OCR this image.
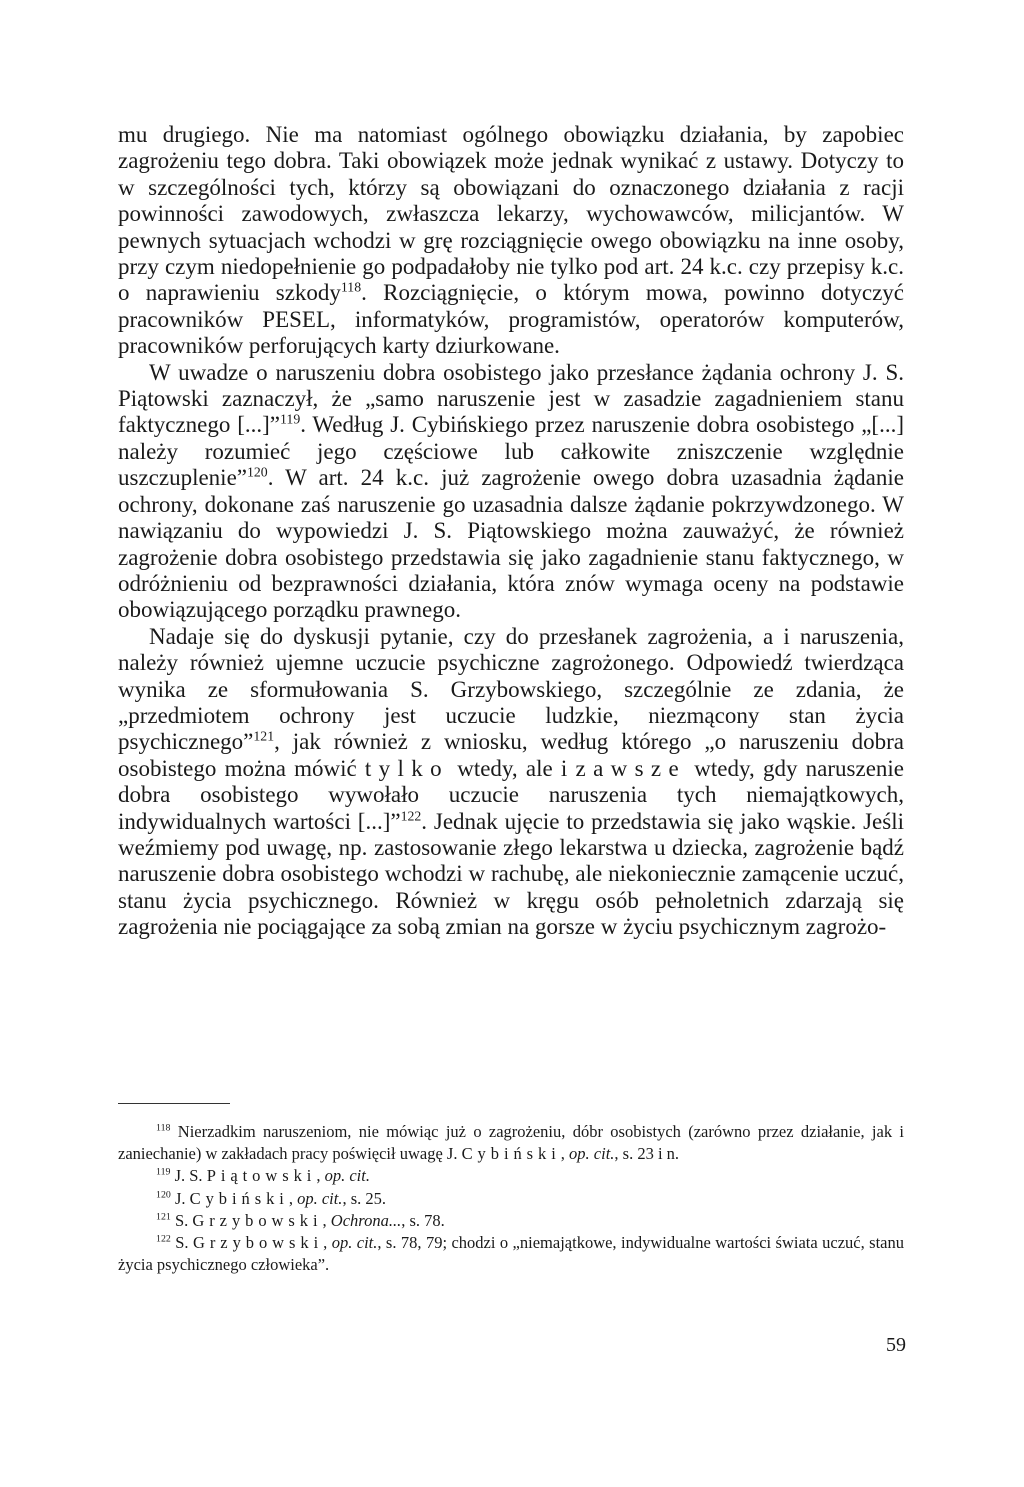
mu drugiego. Nie ma natomiast ogólnego obowiązku działania, by zapobiec zagrożeniu tego dobra. Taki obowiązek może jednak wynikać z ustawy. Dotyczy to w szczególności tych, którzy są obowiązani do oznaczonego działania z racji powinności zawodowych, zwłaszcza lekarzy, wychowawców, milicjantów. W pewnych sytuacjach wchodzi w grę rozciągnięcie owego obowiązku na inne osoby, przy czym niedopełnienie go podpadałoby nie tylko pod art. 24 k.c. czy przepisy k.c. o naprawieniu szkody$^{118}$. Rozciągnięcie, o którym mowa, powinno dotyczyć pracowników PESEL, informatyków, programistów, operatorów komputerów, pracowników perforujących karty dziurkowane.

W uwadze o naruszeniu dobra osobistego jako przesłance żądania ochrony J. S. Piątowski zaznaczył, że „samo naruszenie jest w zasadzie zagadnieniem stanu faktycznego [...]”$^{119}$. Według J. Cybińskiego przez naruszenie dobra osobistego „[...] należy rozumieć jego częściowe lub całkowite zniszczenie względnie uszczuplenie”$^{120}$. W art. 24 k.c. już zagrożenie owego dobra uzasadnia żądanie ochrony, dokonane zaś naruszenie go uzasadnia dalsze żądanie pokrzywdzonego. W nawiązaniu do wypowiedzi J. S. Piątowskiego można zauważyć, że również zagrożenie dobra osobistego przedstawia się jako zagadnienie stanu faktycznego, w odróżnieniu od bezprawności działania, która znów wymaga oceny na podstawie obowiązującego porządku prawnego.

Nadaje się do dyskusji pytanie, czy do przesłanek zagrożenia, a i naruszenia, należy również ujemne uczucie psychiczne zagrożonego. Odpowiedź twierdząca wynika ze sformułowania S. Grzybowskiego, szczególnie ze zdania, że „przedmiotem ochrony jest uczucie ludzkie, niezmącony stan życia psychicznego”$^{121}$, jak również z wniosku, według którego „o naruszeniu dobra osobistego można mówić tylko wtedy, ale i zawsze wtedy, gdy naruszenie dobra osobistego wywołało uczucie naruszenia tych niemajątkowych, indywidualnych wartości [...]”$^{122}$. Jednak ujęcie to przedstawia się jako wąskie. Jeśli weźmiemy pod uwagę, np. zastosowanie złego lekarstwa u dziecka, zagrożenie bądź naruszenie dobra osobistego wchodzi w rachubę, ale niekoniecznie zamącenie uczuć, stanu życia psychicznego. Również w kręgu osób pełnoletnich zdarzają się zagrożenia nie pociągające za sobą zmian na gorsze w życiu psychicznym zagrożo-

$^{118}$ Nierzadkim naruszeniom, nie mówiąc już o zagrożeniu, dóbr osobistych (zarówno przez działanie, jak i zaniechanie) w zakładach pracy poświęcił uwagę J. Cybiński, op. cit., s. 23 i n.

$^{119}$ J. S. Piątowski, op. cit.

$^{120}$ J. Cybiński, op. cit., s. 25.

$^{121}$ S. Grzybowski, Ochrona..., s. 78.

$^{122}$ S. Grzybowski, op. cit., s. 78, 79; chodzi o „niemajątkowe, indywidualne wartości świata uczuć, stanu życia psychicznego człowieka”.

59
